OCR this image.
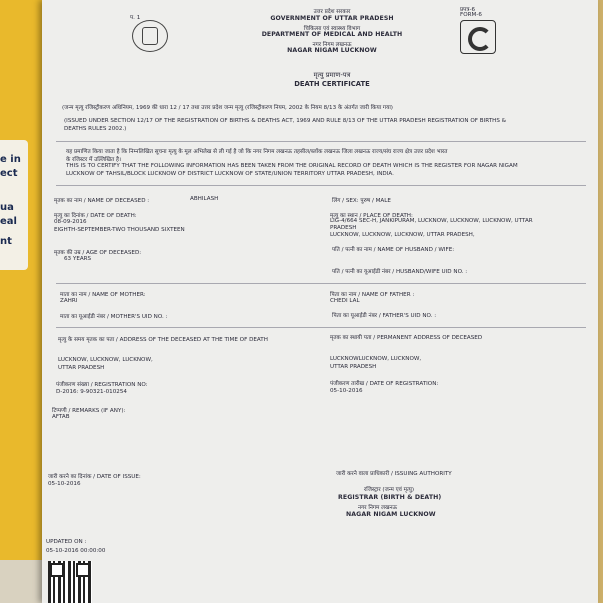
e in
ect
ua
eal
nt
प. 1
उत्तर प्रदेश सरकार
GOVERNMENT OF UTTAR PRADESH
चिकित्सा एवं स्वास्थ्य विभाग
DEPARTMENT OF MEDICAL AND HEALTH
नगर निगम लखनऊ
NAGAR NIGAM LUCKNOW
प्रपत्र-6
FORM-6
मृत्यु प्रमाण-पत्र
DEATH CERTIFICATE
(जन्म मृत्यु रजिस्ट्रीकरण अधिनियम, 1969 की धारा 12 / 17 तथा उत्तर प्रदेश जन्म मृत्यु (रजिस्ट्रीकरण नियम, 2002 के नियम 8/13 के अंतर्गत जारी किया गया)
(ISSUED UNDER SECTION 12/17 OF THE REGISTRATION OF BIRTHS & DEATHS ACT, 1969 AND RULE 8/13 OF THE UTTAR PRADESH REGISTRATION OF BIRTHS &
DEATHS RULES 2002.)
यह प्रमाणित किया जाता है कि निम्नलिखित सूचना मृत्यु के मूल अभिलेख से ली गई है जो कि नगर निगम लखनऊ तहसील/ब्लॉक लखनऊ जिला लखनऊ राज्य/संघ राज्य क्षेत्र उत्तर प्रदेश भारत
के रजिस्टर में उल्लिखित है।
THIS IS TO CERTIFY THAT THE FOLLOWING INFORMATION HAS BEEN TAKEN FROM THE ORIGINAL RECORD OF DEATH WHICH IS THE REGISTER FOR NAGAR NIGAM
LUCKNOW OF TAHSIL/BLOCK LUCKNOW OF DISTRICT LUCKNOW OF STATE/UNION TERRITORY UTTAR PRADESH, INDIA.
मृतक का नाम / NAME OF DECEASED :	ABHILASH	लिंग / SEX: पुरुष / MALE
मृत्यु का दिनांक / DATE OF DEATH:
08-09-2016
EIGHTH-SEPTEMBER-TWO THOUSAND SIXTEEN
मृत्यु का स्थान / PLACE OF DEATH:
LIG-4/664 SEC-H, JANKIPURAM, LUCKNOW, LUCKNOW, LUCKNOW, UTTAR
PRADESH
LUCKNOW, LUCKNOW, LUCKNOW, UTTAR PRADESH,
मृतक की उम्र / AGE OF DECEASED:
63 YEARS
पति / पत्नी का नाम / NAME OF HUSBAND / WIFE:
पति / पत्नी का यूआईडी नंबर / HUSBAND/WIFE UID NO. :
माता का नाम / NAME OF MOTHER:
ZAHRI
पिता का नाम / NAME OF FATHER :
CHEDI LAL
माता का यूआईडी नंबर / MOTHER'S UID NO. :	पिता का यूआईडी नंबर / FATHER'S UID NO. :
मृत्यु के समय मृतक का पता / ADDRESS OF THE DECEASED AT THE TIME OF DEATH	मृतक का स्थायी पता / PERMANENT ADDRESS OF DECEASED
LUCKNOW, LUCKNOW, LUCKNOW,
UTTAR PRADESH
LUCKNOWLUCKNOW, LUCKNOW,
UTTAR PRADESH
पंजीकरण संख्या / REGISTRATION NO:
D-2016: 9-90321-010254
पंजीकरण तारीख / DATE OF REGISTRATION:
05-10-2016
टिप्पणी / REMARKS (IF ANY):
AFTAB
जारी करने का दिनांक / DATE OF ISSUE:
05-10-2016
जारी करने वाला प्राधिकारी / ISSUING AUTHORITY
रजिस्ट्रार (जन्म एवं मृत्यु)
REGISTRAR (BIRTH & DEATH)
नगर निगम लखनऊ
NAGAR NIGAM LUCKNOW
UPDATED ON :
05-10-2016 00:00:00
